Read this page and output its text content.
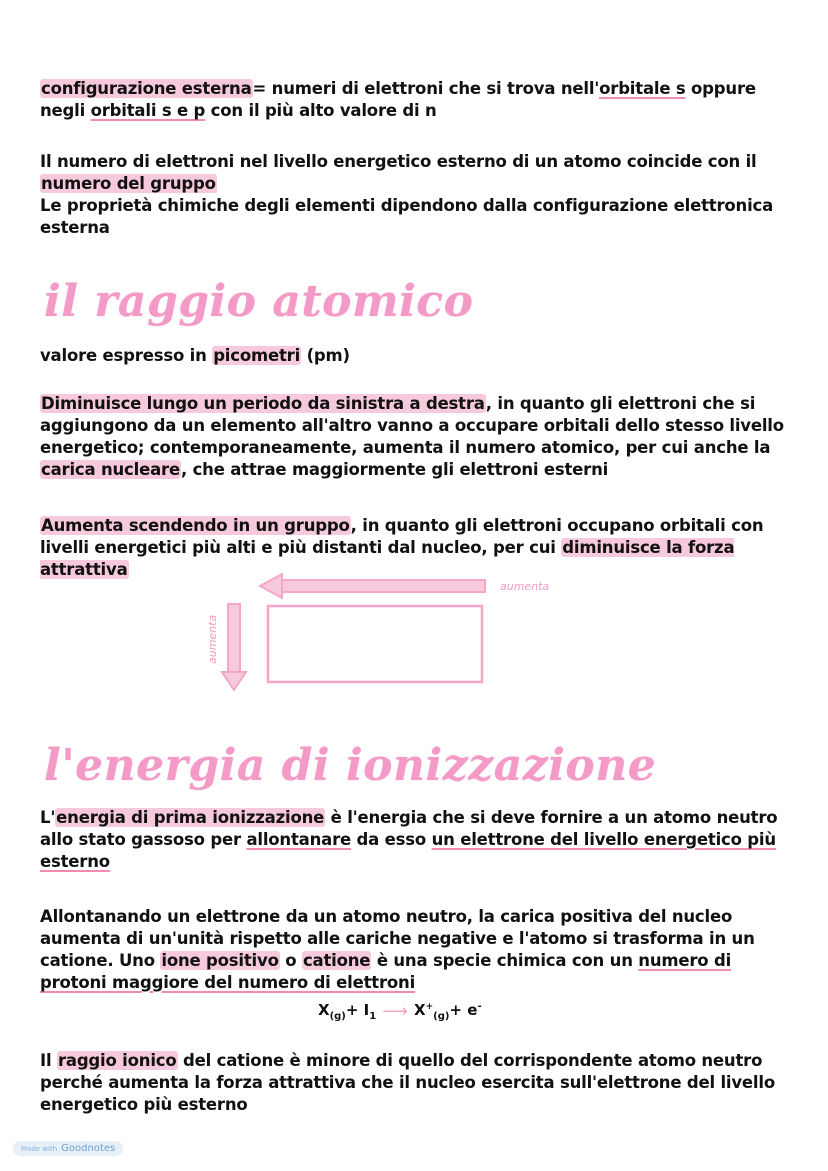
configurazione esterna= numeri di elettroni che si trova nell'orbitale s oppure negli orbitali s e p con il più alto valore di n
Il numero di elettroni nel livello energetico esterno di un atomo coincide con il numero del gruppo
Le proprietà chimiche degli elementi dipendono dalla configurazione elettronica esterna
il raggio atomico
valore espresso in picometri (pm)
Diminuisce lungo un periodo da sinistra a destra, in quanto gli elettroni che si aggiungono da un elemento all'altro vanno a occupare orbitali dello stesso livello energetico; contemporaneamente, aumenta il numero atomico, per cui anche la carica nucleare, che attrae maggiormente gli elettroni esterni
Aumenta scendendo in un gruppo, in quanto gli elettroni occupano orbitali con livelli energetici più alti e più distanti dal nucleo, per cui diminuisce la forza attrattiva
aumenta
aumenta
l'energia di ionizzazione
L'energia di prima ionizzazione è l'energia che si deve fornire a un atomo neutro allo stato gassoso per allontanare da esso un elettrone del livello energetico più esterno
Allontanando un elettrone da un atomo neutro, la carica positiva del nucleo aumenta di un'unità rispetto alle cariche negative e l'atomo si trasforma in un catione. Uno ione positivo o catione è una specie chimica con un numero di protoni maggiore del numero di elettroni
$X_{(g)}+ I_1$ ⟶ $X^+_{(g)}+ e^-$
Il raggio ionico del catione è minore di quello del corrispondente atomo neutro perché aumenta la forza attrattiva che il nucleo esercita sull'elettrone del livello energetico più esterno
Made with Goodnotes
